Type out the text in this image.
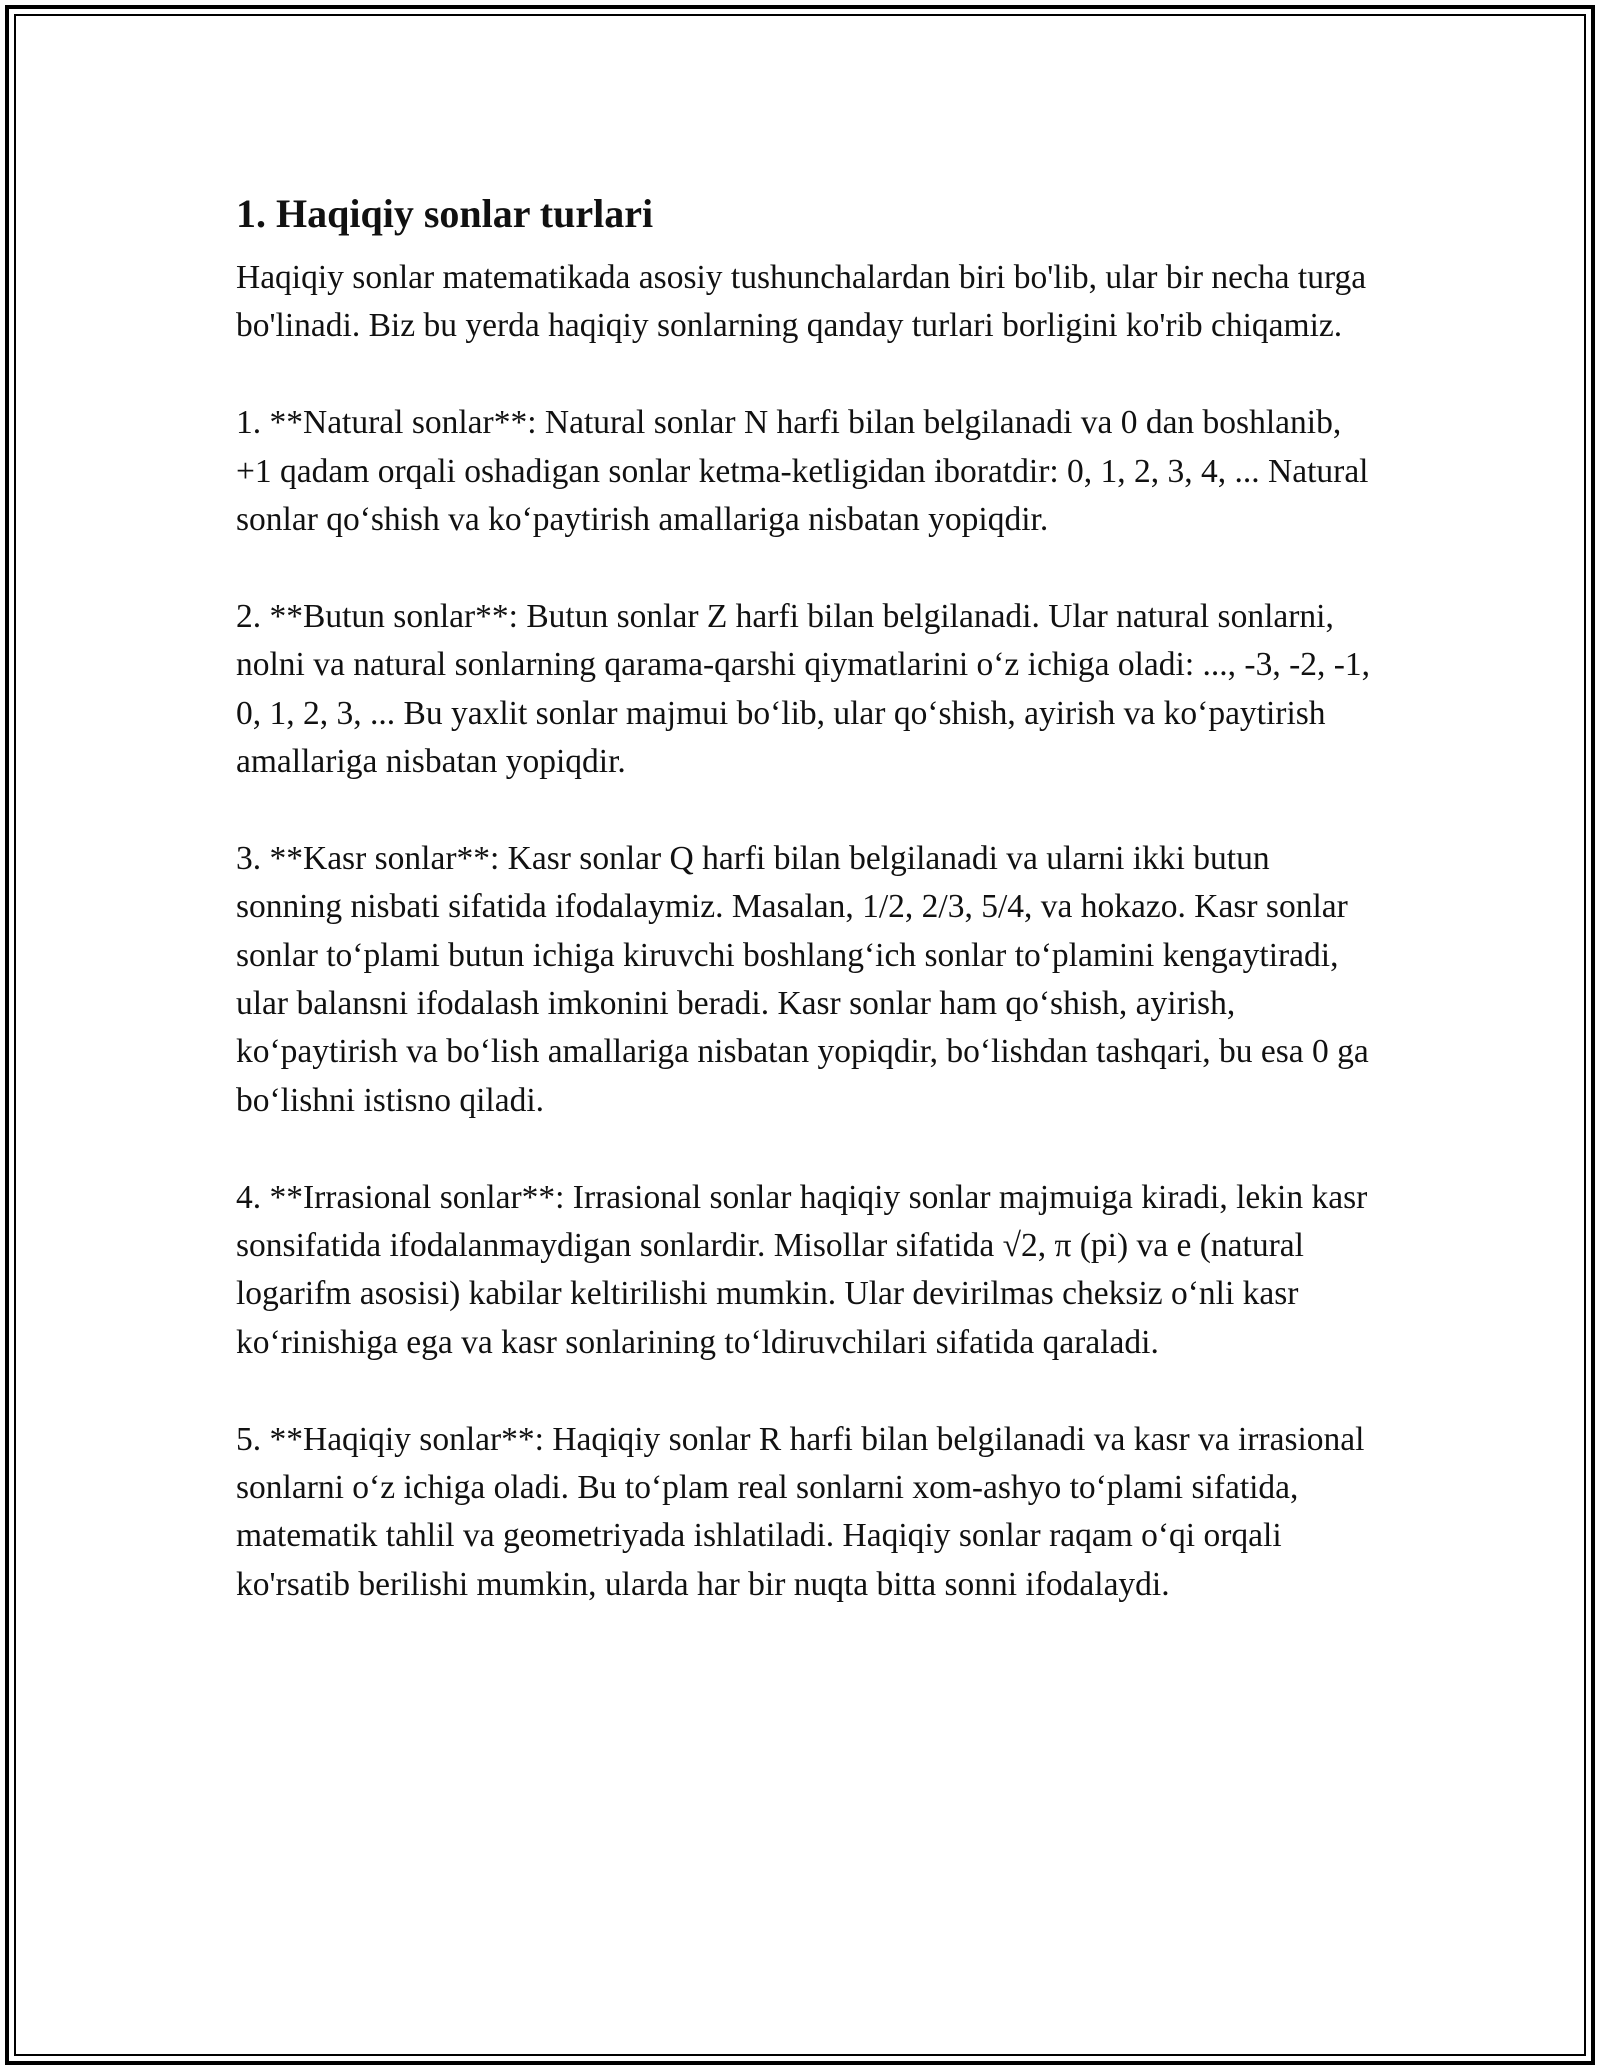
1. Haqiqiy sonlar turlari

Haqiqiy sonlar matematikada asosiy tushunchalardan biri bo'lib, ular bir necha turga bo'linadi. Biz bu yerda haqiqiy sonlarning qanday turlari borligini ko'rib chiqamiz.

1. **Natural sonlar**: Natural sonlar N harfi bilan belgilanadi va 0 dan boshlanib, +1 qadam orqali oshadigan sonlar ketma-ketligidan iboratdir: 0, 1, 2, 3, 4, ... Natural sonlar qo‘shish va ko‘paytirish amallariga nisbatan yopiqdir.

2. **Butun sonlar**: Butun sonlar Z harfi bilan belgilanadi. Ular natural sonlarni, nolni va natural sonlarning qarama-qarshi qiymatlarini o‘z ichiga oladi: ..., -3, -2, -1, 0, 1, 2, 3, ... Bu yaxlit sonlar majmui bo‘lib, ular qo‘shish, ayirish va ko‘paytirish amallariga nisbatan yopiqdir.

3. **Kasr sonlar**: Kasr sonlar Q harfi bilan belgilanadi va ularni ikki butun sonning nisbati sifatida ifodalaymiz. Masalan, 1/2, 2/3, 5/4, va hokazo. Kasr sonlar sonlar to‘plami butun ichiga kiruvchi boshlang‘ich sonlar to‘plamini kengaytiradi, ular balansni ifodalash imkonini beradi. Kasr sonlar ham qo‘shish, ayirish, ko‘paytirish va bo‘lish amallariga nisbatan yopiqdir, bo‘lishdan tashqari, bu esa 0 ga bo‘lishni istisno qiladi.

4. **Irrasional sonlar**: Irrasional sonlar haqiqiy sonlar majmuiga kiradi, lekin kasr sonsifatida ifodalanmaydigan sonlardir. Misollar sifatida √2, π (pi) va e (natural logarifm asosisi) kabilar keltirilishi mumkin. Ular devirilmas cheksiz o‘nli kasr ko‘rinishiga ega va kasr sonlarining to‘ldiruvchilari sifatida qaraladi.

5. **Haqiqiy sonlar**: Haqiqiy sonlar R harfi bilan belgilanadi va kasr va irrasional sonlarni o‘z ichiga oladi. Bu to‘plam real sonlarni xom-ashyo to‘plami sifatida, matematik tahlil va geometriyada ishlatiladi. Haqiqiy sonlar raqam o‘qi orqali ko'rsatib berilishi mumkin, ularda har bir nuqta bitta sonni ifodalaydi.
